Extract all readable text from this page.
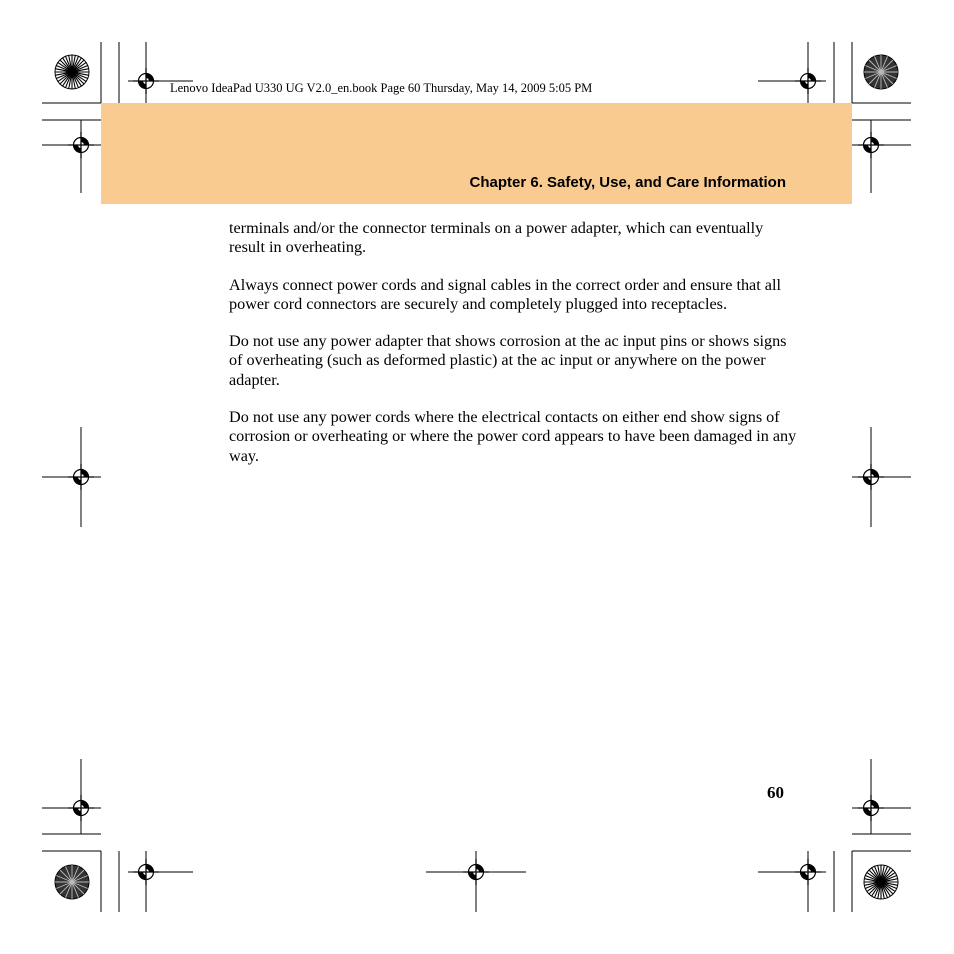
Lenovo IdeaPad U330 UG V2.0_en.book Page 60 Thursday, May 14, 2009 5:05 PM
Chapter 6. Safety, Use, and Care Information

terminals and/or the connector terminals on a power adapter, which can eventually result in overheating.

Always connect power cords and signal cables in the correct order and ensure that all power cord connectors are securely and completely plugged into receptacles.

Do not use any power adapter that shows corrosion at the ac input pins or shows signs of overheating (such as deformed plastic) at the ac input or anywhere on the power adapter.

Do not use any power cords where the electrical contacts on either end show signs of corrosion or overheating or where the power cord appears to have been damaged in any way.

60
